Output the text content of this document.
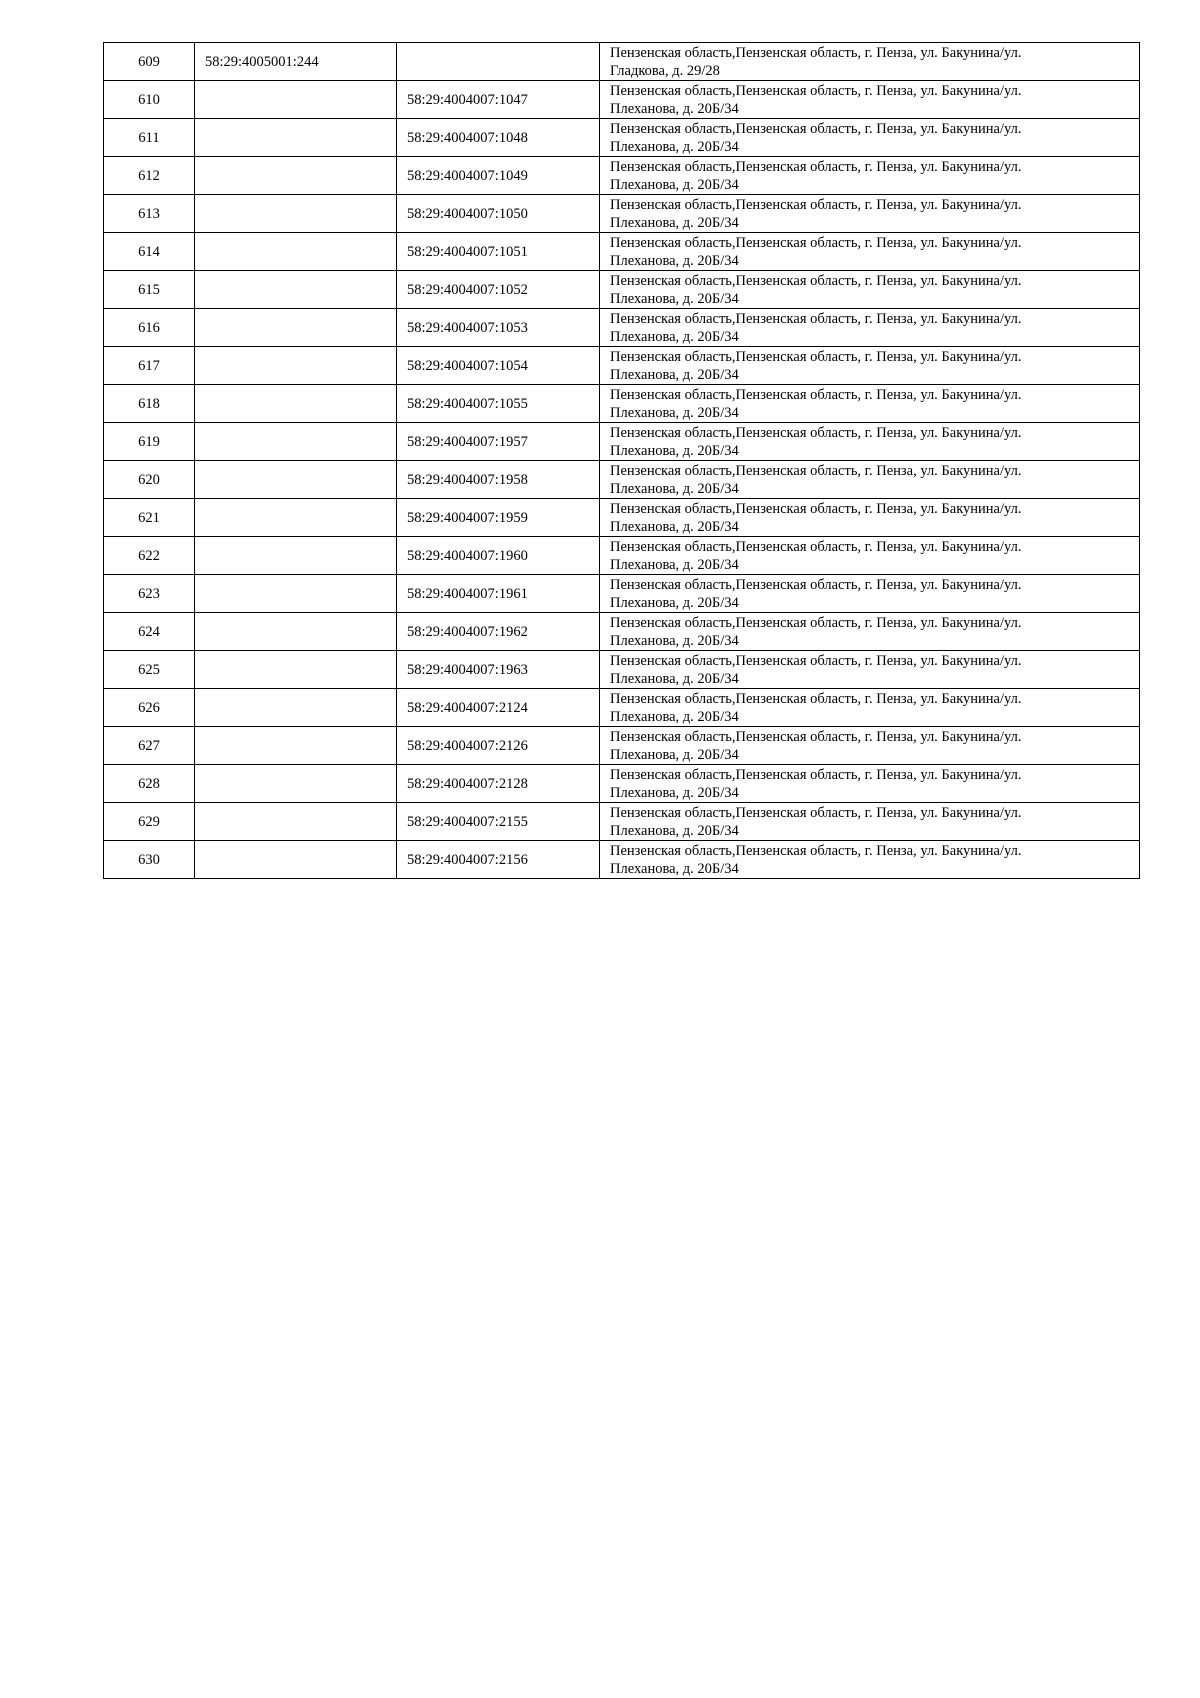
609	58:29:4005001:244		Пензенская область,Пензенская область, г. Пенза, ул. Бакунина/ул.
Гладкова, д. 29/28

610		58:29:4004007:1047	Пензенская область,Пензенская область, г. Пенза, ул. Бакунина/ул.
Плеханова, д. 20Б/34

611		58:29:4004007:1048	Пензенская область,Пензенская область, г. Пенза, ул. Бакунина/ул.
Плеханова, д. 20Б/34

612		58:29:4004007:1049	Пензенская область,Пензенская область, г. Пенза, ул. Бакунина/ул.
Плеханова, д. 20Б/34

613		58:29:4004007:1050	Пензенская область,Пензенская область, г. Пенза, ул. Бакунина/ул.
Плеханова, д. 20Б/34

614		58:29:4004007:1051	Пензенская область,Пензенская область, г. Пенза, ул. Бакунина/ул.
Плеханова, д. 20Б/34

615		58:29:4004007:1052	Пензенская область,Пензенская область, г. Пенза, ул. Бакунина/ул.
Плеханова, д. 20Б/34

616		58:29:4004007:1053	Пензенская область,Пензенская область, г. Пенза, ул. Бакунина/ул.
Плеханова, д. 20Б/34

617		58:29:4004007:1054	Пензенская область,Пензенская область, г. Пенза, ул. Бакунина/ул.
Плеханова, д. 20Б/34

618		58:29:4004007:1055	Пензенская область,Пензенская область, г. Пенза, ул. Бакунина/ул.
Плеханова, д. 20Б/34

619		58:29:4004007:1957	Пензенская область,Пензенская область, г. Пенза, ул. Бакунина/ул.
Плеханова, д. 20Б/34

620		58:29:4004007:1958	Пензенская область,Пензенская область, г. Пенза, ул. Бакунина/ул.
Плеханова, д. 20Б/34

621		58:29:4004007:1959	Пензенская область,Пензенская область, г. Пенза, ул. Бакунина/ул.
Плеханова, д. 20Б/34

622		58:29:4004007:1960	Пензенская область,Пензенская область, г. Пенза, ул. Бакунина/ул.
Плеханова, д. 20Б/34

623		58:29:4004007:1961	Пензенская область,Пензенская область, г. Пенза, ул. Бакунина/ул.
Плеханова, д. 20Б/34

624		58:29:4004007:1962	Пензенская область,Пензенская область, г. Пенза, ул. Бакунина/ул.
Плеханова, д. 20Б/34

625		58:29:4004007:1963	Пензенская область,Пензенская область, г. Пенза, ул. Бакунина/ул.
Плеханова, д. 20Б/34

626		58:29:4004007:2124	Пензенская область,Пензенская область, г. Пенза, ул. Бакунина/ул.
Плеханова, д. 20Б/34

627		58:29:4004007:2126	Пензенская область,Пензенская область, г. Пенза, ул. Бакунина/ул.
Плеханова, д. 20Б/34

628		58:29:4004007:2128	Пензенская область,Пензенская область, г. Пенза, ул. Бакунина/ул.
Плеханова, д. 20Б/34

629		58:29:4004007:2155	Пензенская область,Пензенская область, г. Пенза, ул. Бакунина/ул.
Плеханова, д. 20Б/34

630		58:29:4004007:2156	Пензенская область,Пензенская область, г. Пенза, ул. Бакунина/ул.
Плеханова, д. 20Б/34
